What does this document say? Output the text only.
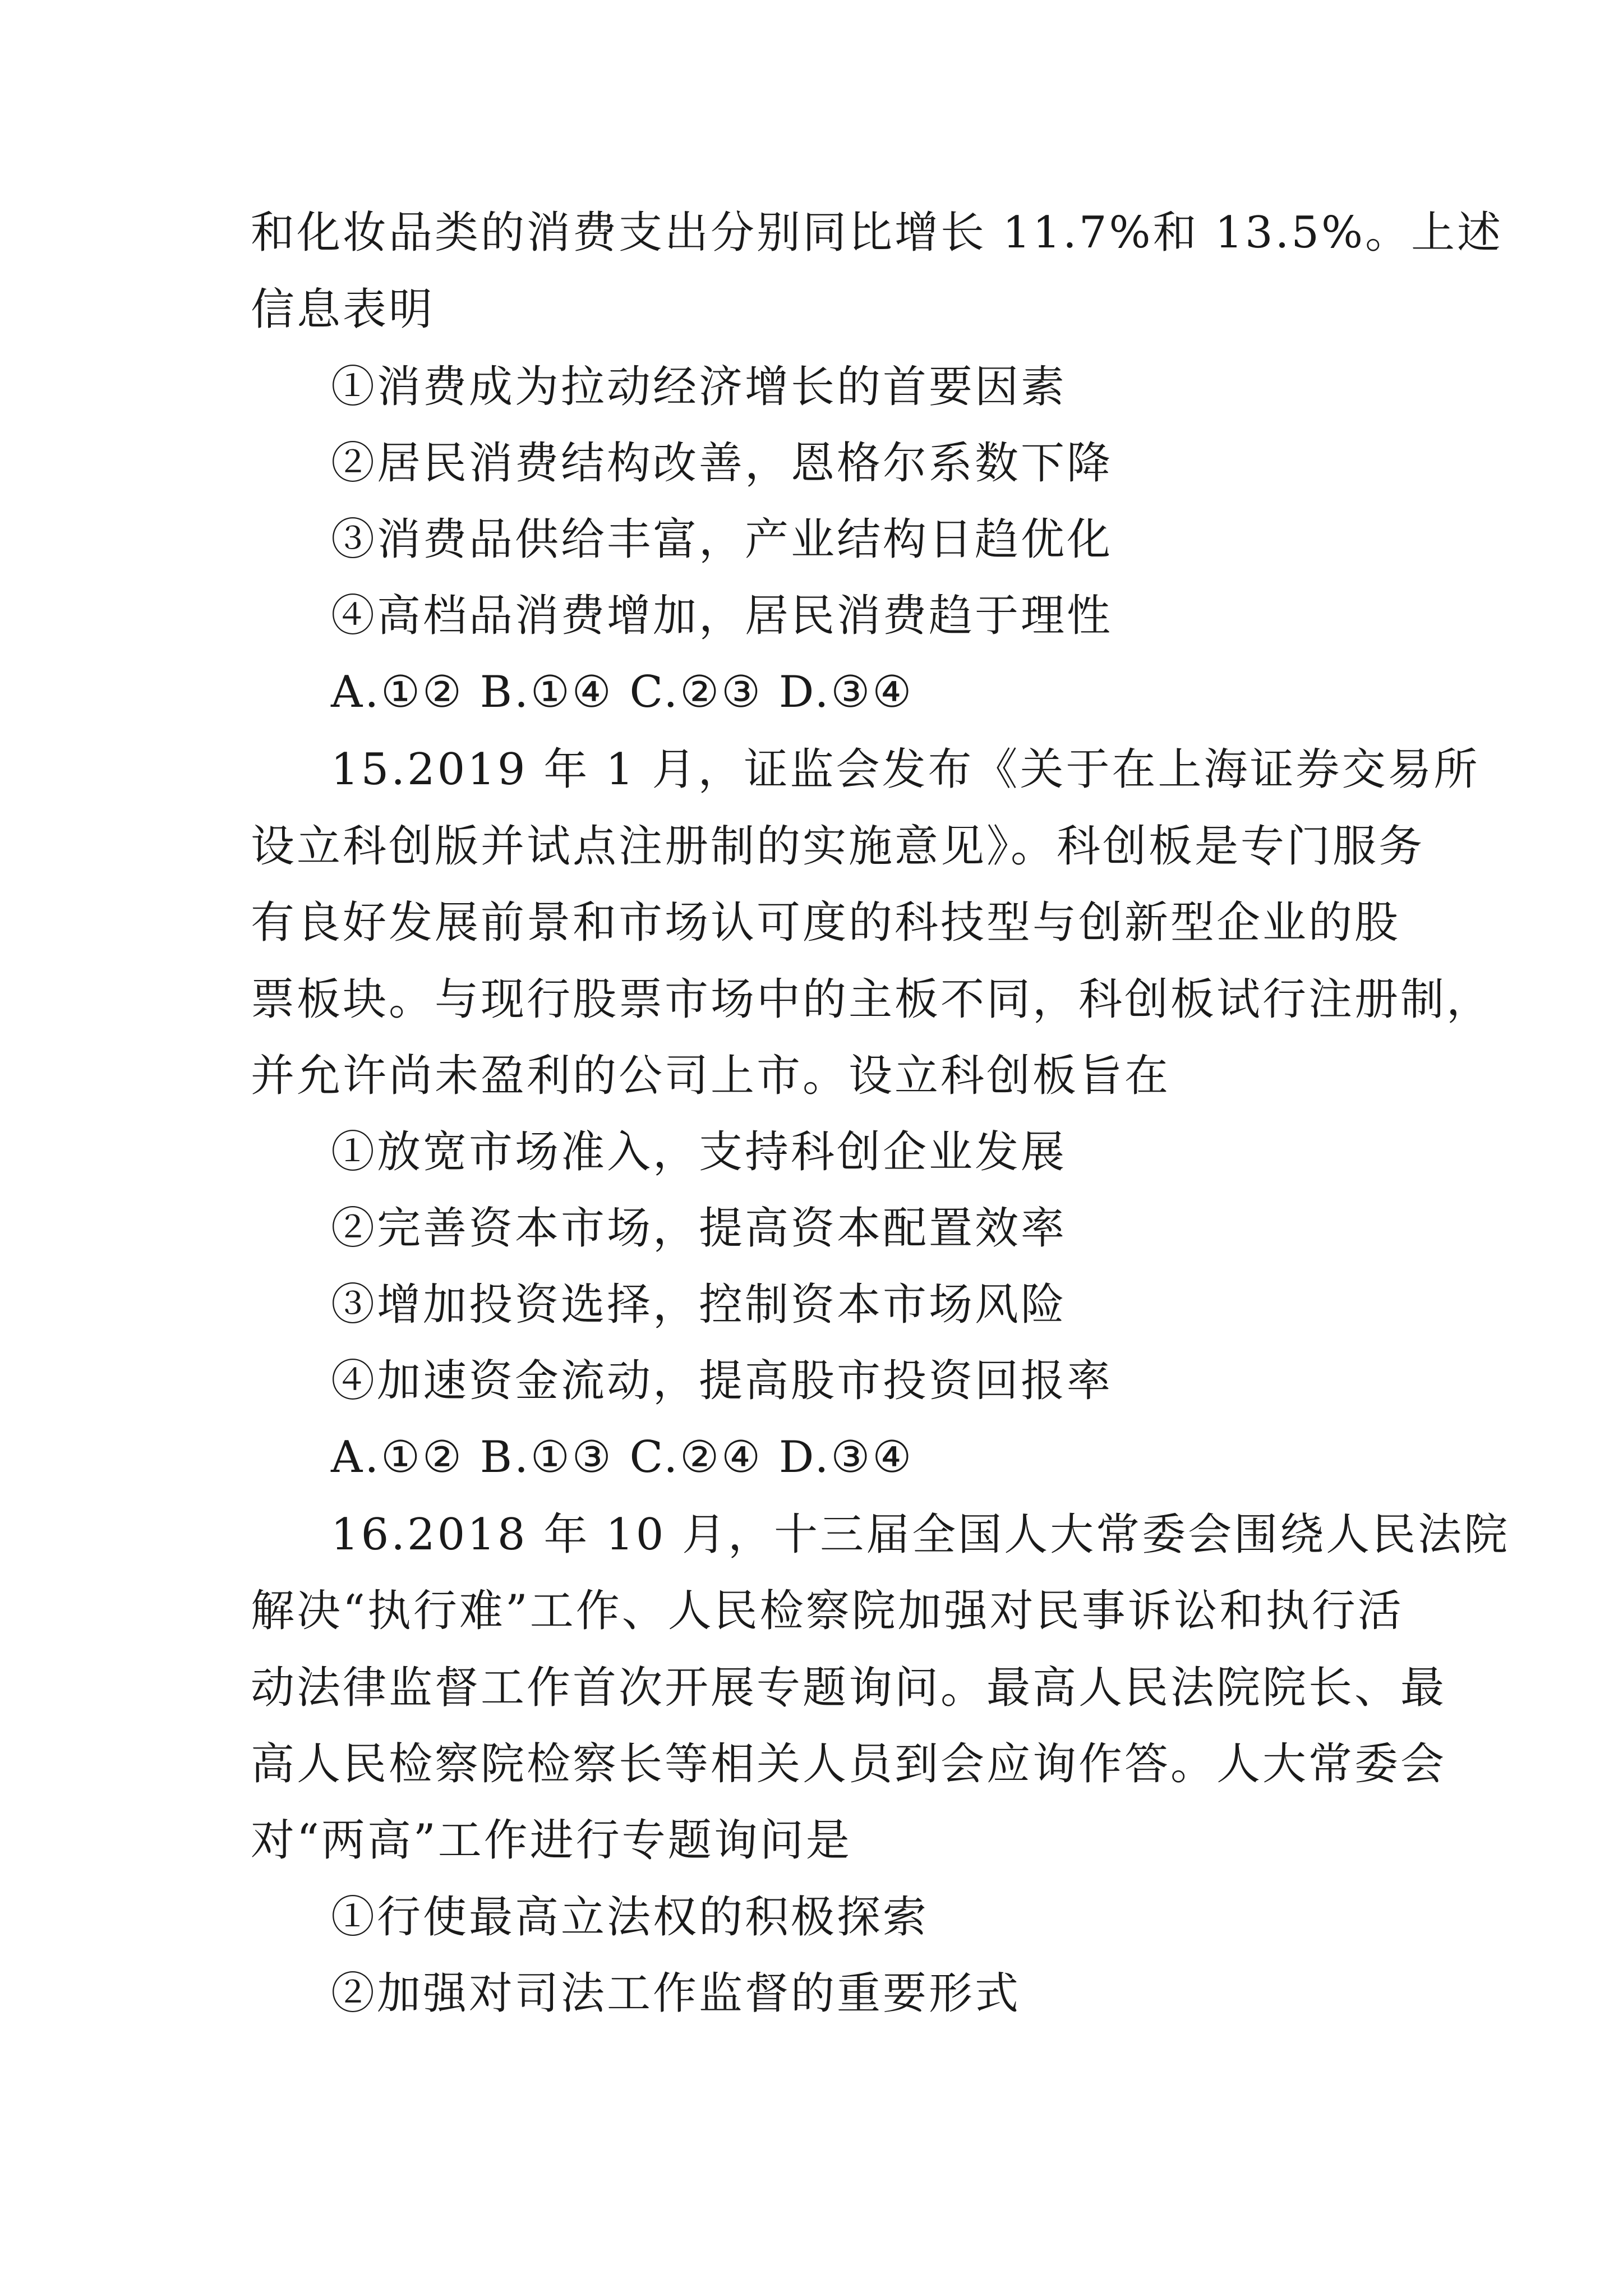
和化妆品类的消费支出分别同比增长 11.7%和 13.5%。上述
信息表明
①消费成为拉动经济增长的首要因素
②居民消费结构改善，恩格尔系数下降
③消费品供给丰富，产业结构日趋优化
④高档品消费增加，居民消费趋于理性
A.①② B.①④ C.②③ D.③④
15.2019 年 1 月，证监会发布《关于在上海证券交易所
设立科创版并试点注册制的实施意见》。科创板是专门服务
有良好发展前景和市场认可度的科技型与创新型企业的股
票板块。与现行股票市场中的主板不同，科创板试行注册制，
并允许尚未盈利的公司上市。设立科创板旨在
①放宽市场准入，支持科创企业发展
②完善资本市场，提高资本配置效率
③增加投资选择，控制资本市场风险
④加速资金流动，提高股市投资回报率
A.①② B.①③ C.②④ D.③④
16.2018 年 10 月，十三届全国人大常委会围绕人民法院
解决“执行难”工作、人民检察院加强对民事诉讼和执行活
动法律监督工作首次开展专题询问。最高人民法院院长、最
高人民检察院检察长等相关人员到会应询作答。人大常委会
对“两高”工作进行专题询问是
①行使最高立法权的积极探索
②加强对司法工作监督的重要形式
